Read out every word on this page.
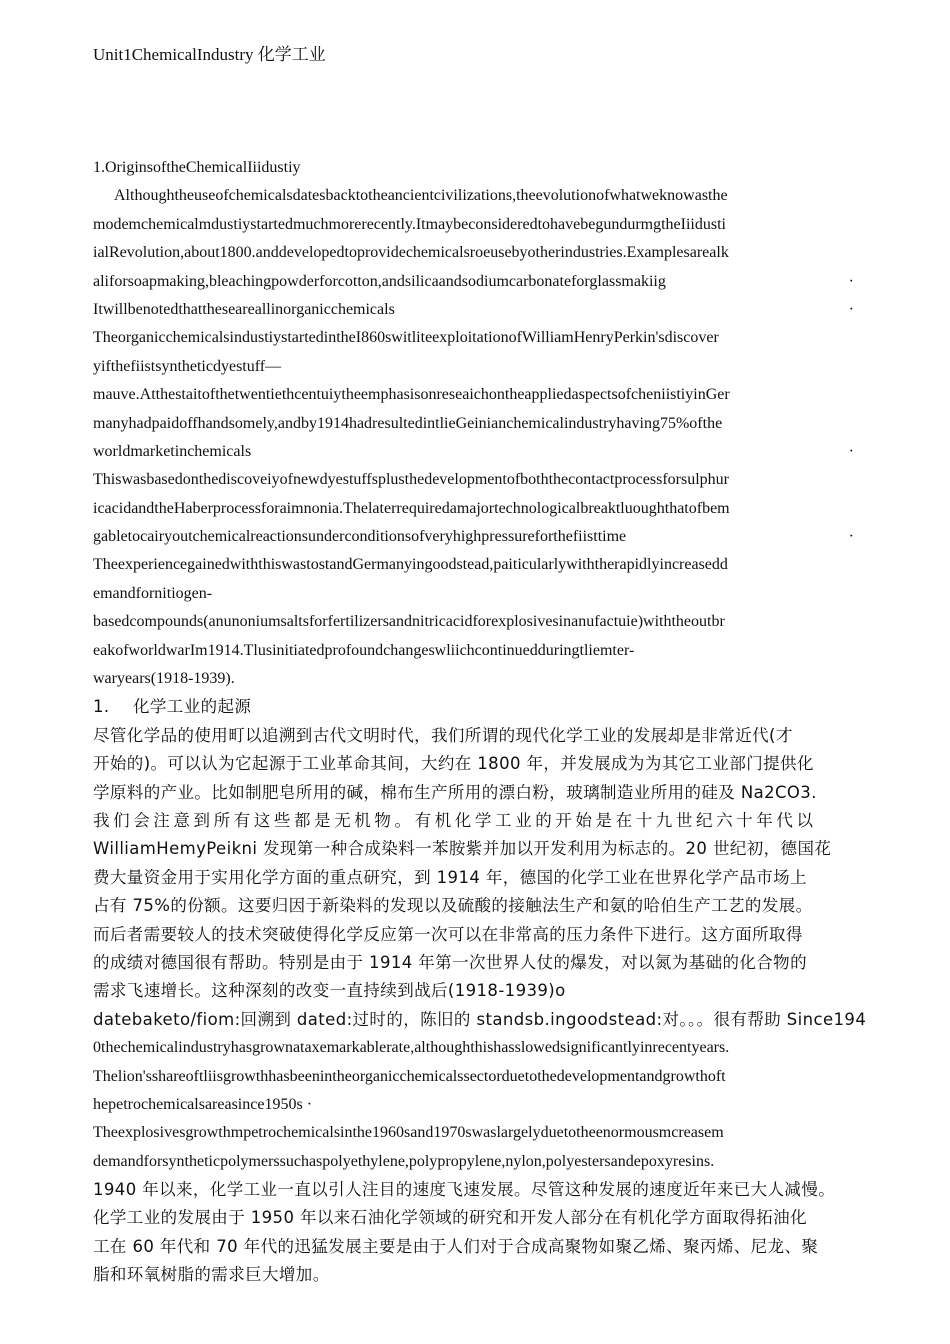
Unit1ChemicalIndustry 化学工业
1.OriginsoftheChemicalIiidustiy
Althoughtheuseofchemicalsdatesbacktotheancientcivilizations,theevolutionofwhatweknowasthe
modemchemicalmdustiystartedmuchmorerecently.ItmaybeconsideredtohavebegundurmgtheIiidusti
ialRevolution,about1800.anddevelopedtoprovidechemicalsroeusebyotherindustries.Examplesarealk
aliforsoapmaking,bleachingpowderforcotton,andsilicaandsodiumcarbonateforglassmakiig	·
Itwillbenotedthattheseareallinorganicchemicals	·
TheorganicchemicalsindustiystartedintheI860switliteexploitationofWilliamHenryPerkin'sdiscover
yifthefiistsyntheticdyestuff—
mauve.AtthestaitofthetwentiethcentuiytheemphasisonreseaichontheappliedaspectsofcheniistiyinGer
manyhadpaidoffhandsomely,andby1914hadresultedintlieGeinianchemicalindustryhaving75%ofthe
worldmarketinchemicals	·
Thiswasbasedonthediscoveiyofnewdyestuffsplusthedevelopmentofboththecontactprocessforsulphur
icacidandtheHaberprocessforaimnonia.Thelaterrequiredamajortechnologicalbreaktluoughthatofbem
gabletocairyoutchemicalreactionsunderconditionsofveryhighpressureforthefiisttime	·
TheexperiencegainedwiththiswastostandGermanyingoodstead,paiticularlywiththerapidlyincreasedd
emandfornitiogen-
basedcompounds(anunoniumsaltsforfertilizersandnitricacidforexplosivesinanufactuie)withtheoutbr
eakofworldwarIm1914.Tlusinitiatedprofoundchangeswliichcontinuedduringtliemter-
waryears(1918-1939).
1. 化学工业的起源
尽管化学品的使用町以追溯到古代文明时代，我们所谓的现代化学工业的发展却是非常近代(才
开始的)。可以认为它起源于工业革命其间，大约在 1800 年，并发展成为为其它工业部门提供化
学原料的产业。比如制肥皂所用的碱，棉布生产所用的漂白粉，玻璃制造业所用的硅及 Na2CO3.
我们会注意到所有这些都是无机物。有机化学工业的开始是在十九世纪六十年代以
WilliamHemyPeikni 发现第一种合成染料一苯胺紫并加以开发利用为标志的。20 世纪初，德国花
费大量资金用于实用化学方面的重点研究，到 1914 年，德国的化学工业在世界化学产品市场上
占有 75%的份额。这要归因于新染料的发现以及硫酸的接触法生产和氨的哈伯生产工艺的发展。
而后者需要较人的技术突破使得化学反应第一次可以在非常高的压力条件下进行。这方面所取得
的成绩对德国很有帮助。特别是由于 1914 年第一次世界人仗的爆发，对以氮为基础的化合物的
需求飞速增长。这种深刻的改变一直持续到战后(1918-1939)o
datebaketo/fiom:回溯到 dated:过时的，陈旧的 standsb.ingoodstead:对。。。很有帮助 Since194
0thechemicalindustryhasgrownataxemarkablerate,althoughthishasslowedsignificantlyinrecentyears.
Thelion'sshareoftliisgrowthhasbeenintheorganicchemicalssectorduetothedevelopmentandgrowthoft
hepetrochemicalsareasince1950s ·
Theexplosivesgrowthmpetrochemicalsinthe1960sand1970swaslargelyduetotheenormousmcreasem
demandforsyntheticpolymerssuchaspolyethylene,polypropylene,nylon,polyestersandepoxyresins.
1940 年以来，化学工业一直以引人注目的速度飞速发展。尽管这种发展的速度近年来已大人减慢。
化学工业的发展由于 1950 年以来石油化学领域的研究和开发人部分在有机化学方面取得拓油化
工在 60 年代和 70 年代的迅猛发展主要是由于人们对于合成高聚物如聚乙烯、聚丙烯、尼龙、聚
脂和环氧树脂的需求巨大增加。
